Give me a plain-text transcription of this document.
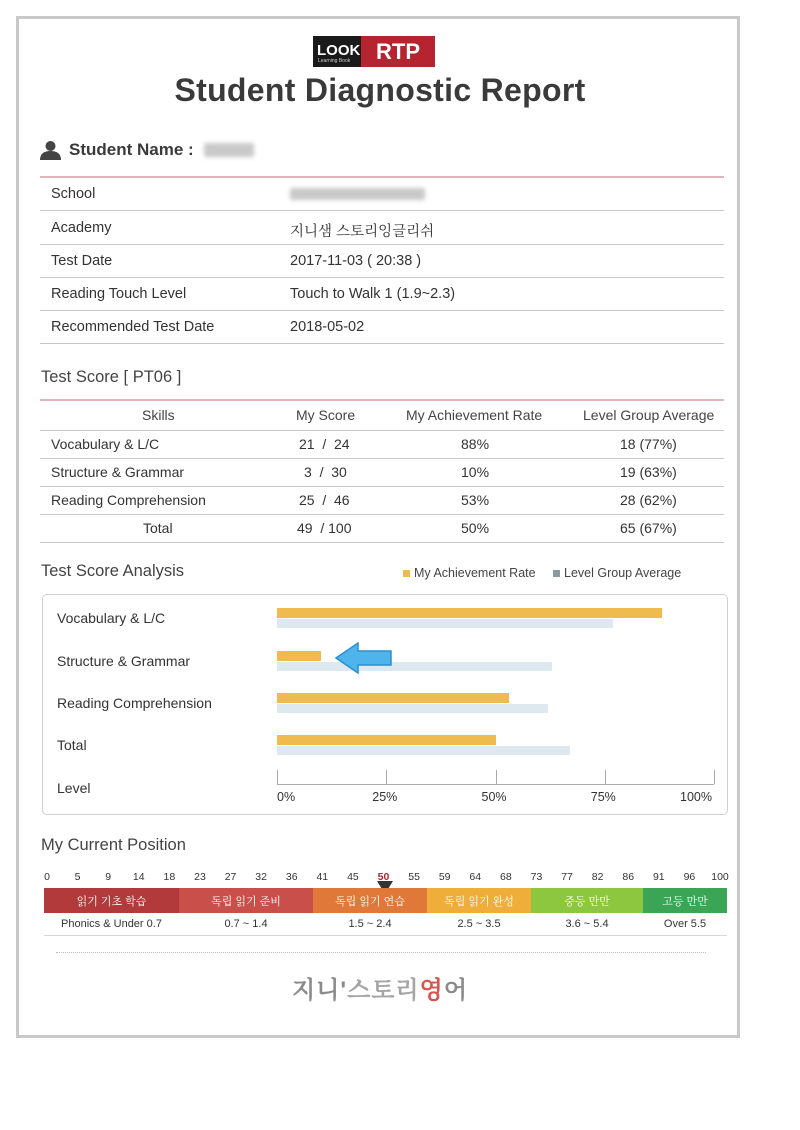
LOOK
Learning Book	RTP
Student Diagnostic Report
Student Name :
School
Academy	지니샘 스토리잉글리쉬
Test Date	2017-11-03 ( 20:38 )
Reading Touch Level	Touch to Walk 1 (1.9~2.3)
Recommended Test Date	2018-05-02
Test Score [ PT06 ]
Skills	My Score	My Achievement Rate	Level Group Average
Vocabulary & L/C	21  /  24	88%	18 (77%)
Structure & Grammar	3  /  30	10%	19 (63%)
Reading Comprehension	25  /  46	53%	28 (62%)
Total	49  / 100	50%	65 (67%)
Test Score Analysis	My Achievement Rate Level Group Average
Vocabulary & L/C
Structure & Grammar
Reading Comprehension
Total
Level
0%	25%	50%	75%	100%
My Current Position
0 5 9 14 18 23 27 32 36 41 45 50 55 59 64 68 73 77 82 86 91 96 100
읽기 기초 학습
Phonics & Under 0.7
독립 읽기 준비
0.7 ~ 1.4
독립 읽기 연습
1.5 ~ 2.4
독립 읽기 완성
2.5 ~ 3.5
중등 만만
3.6 ~ 5.4
고등 만만
Over 5.5
지니'스토리영어
